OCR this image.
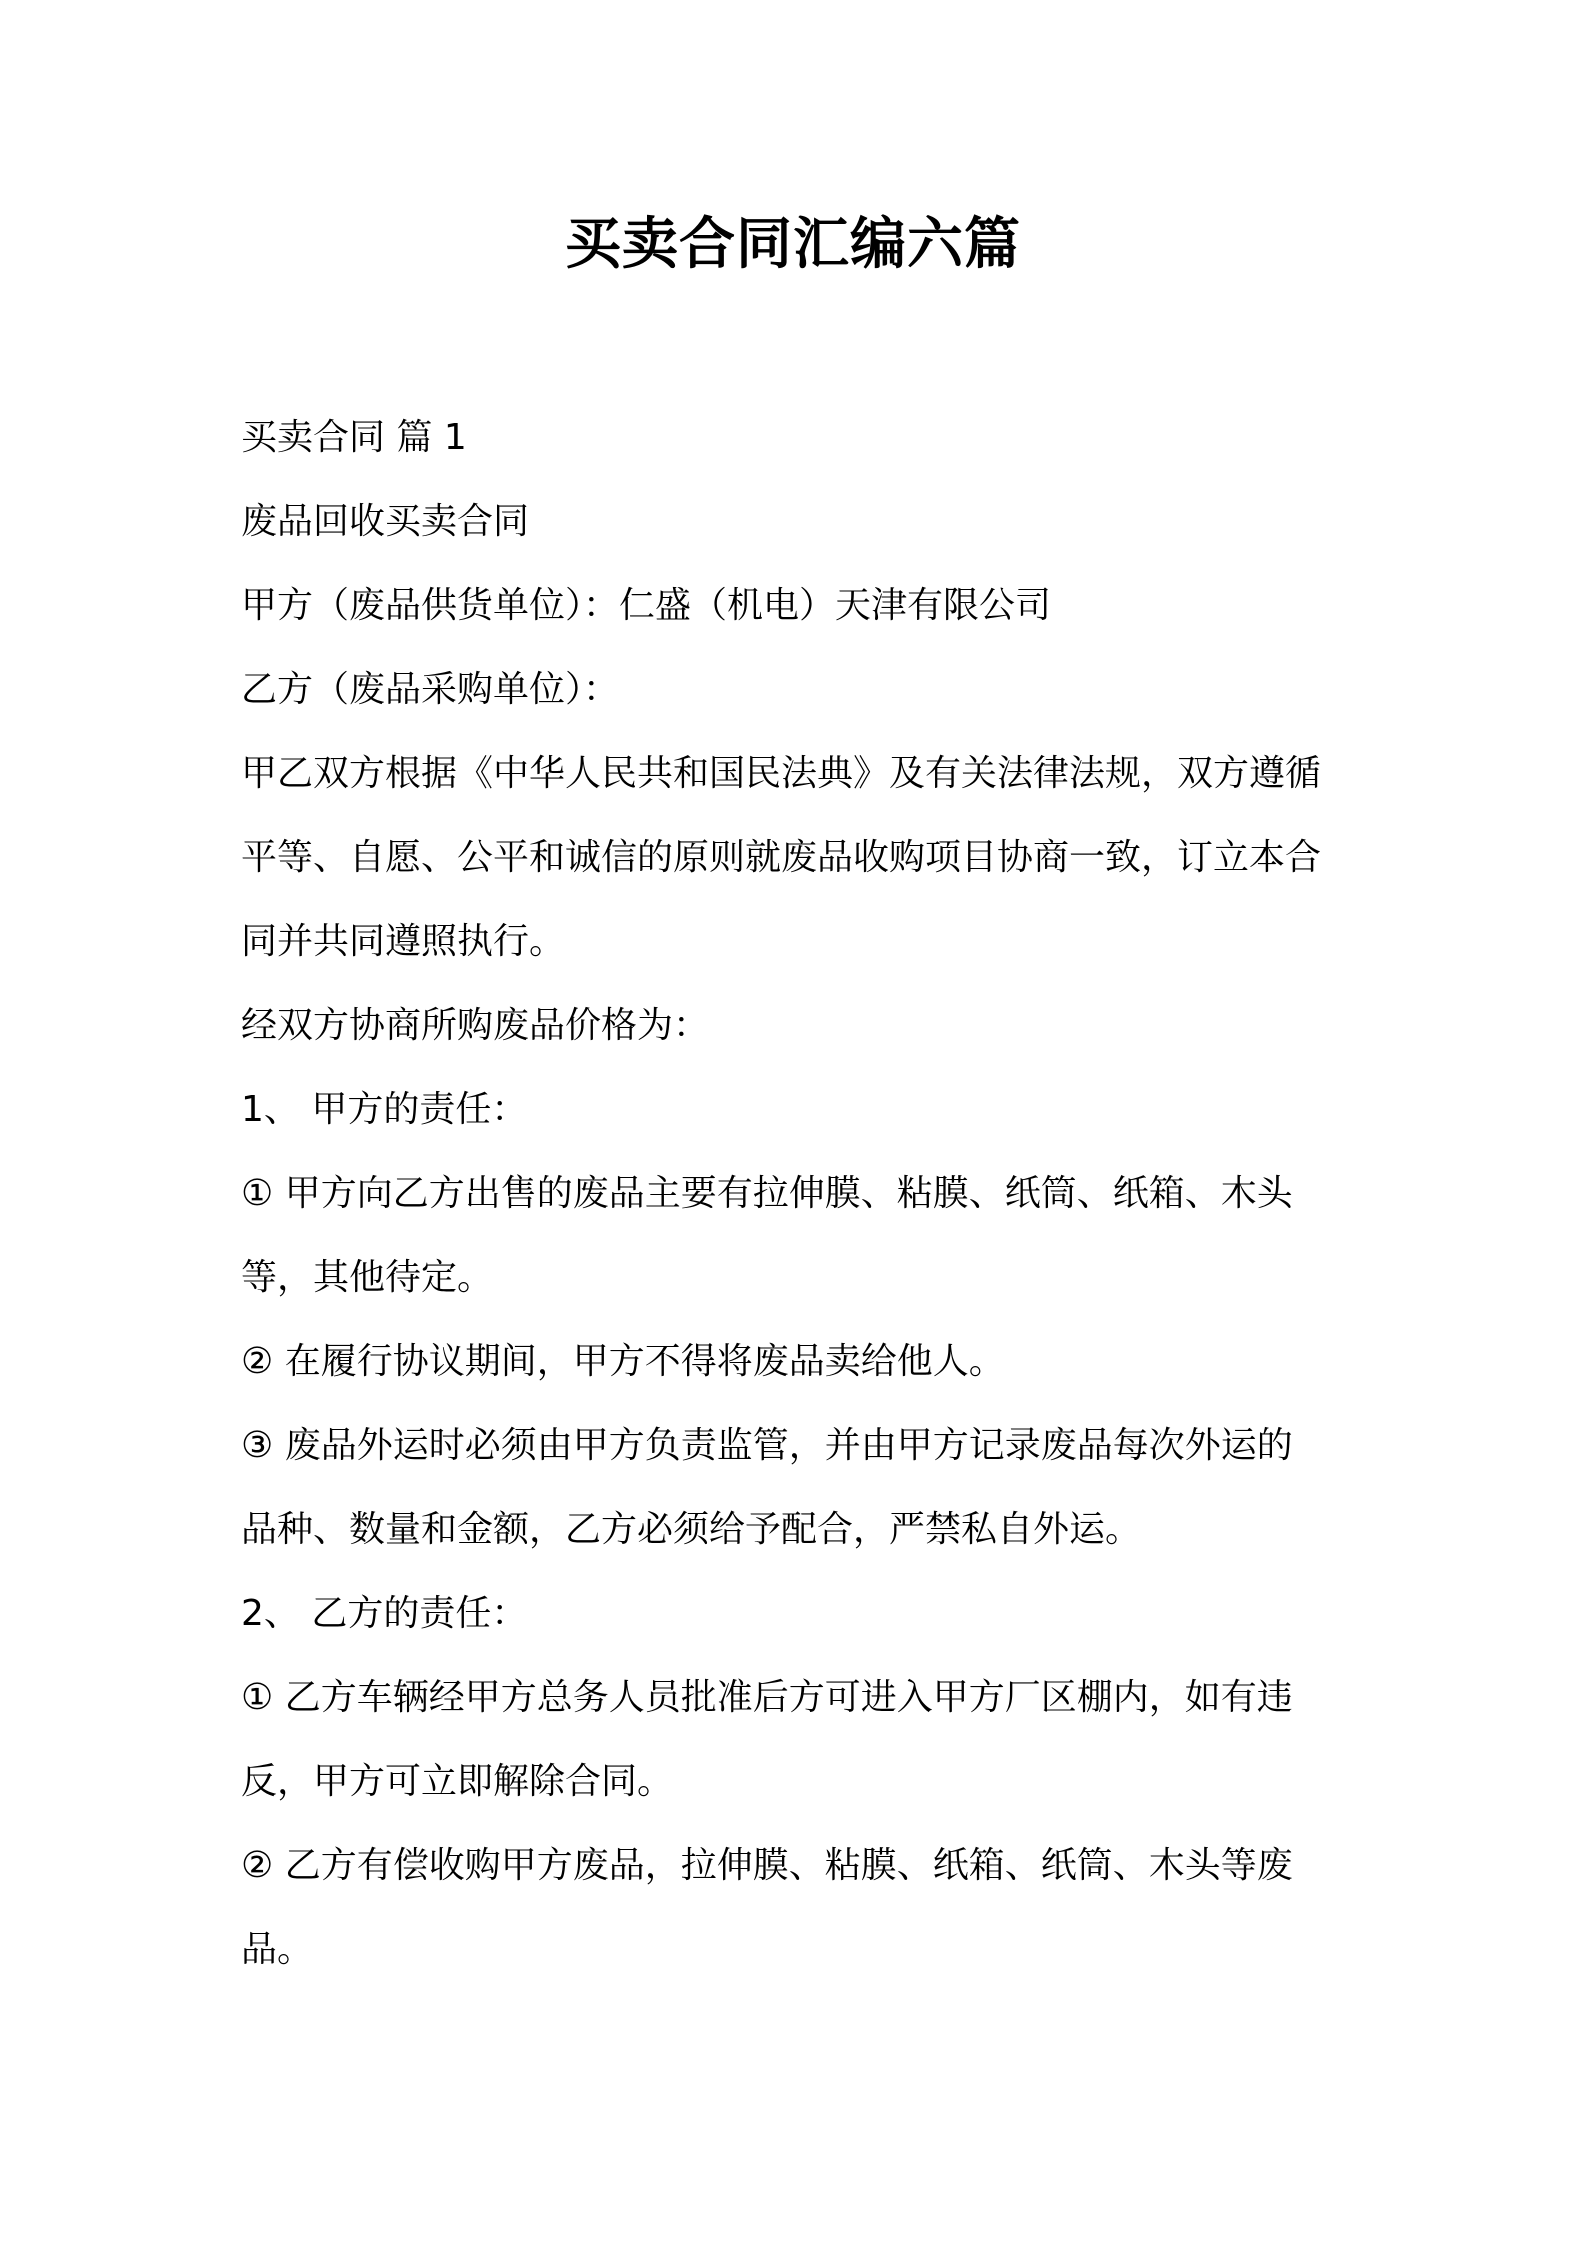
买卖合同汇编六篇
买卖合同 篇 1
废品回收买卖合同
甲方（废品供货单位）：仁盛（机电）天津有限公司
乙方（废品采购单位）：
甲乙双方根据《中华人民共和国民法典》及有关法律法规，双方遵循
平等、自愿、公平和诚信的原则就废品收购项目协商一致，订立本合
同并共同遵照执行。
经双方协商所购废品价格为：
1、 甲方的责任：
① 甲方向乙方出售的废品主要有拉伸膜、粘膜、纸筒、纸箱、木头
等，其他待定。
② 在履行协议期间，甲方不得将废品卖给他人。
③ 废品外运时必须由甲方负责监管，并由甲方记录废品每次外运的
品种、数量和金额，乙方必须给予配合，严禁私自外运。
2、 乙方的责任：
① 乙方车辆经甲方总务人员批准后方可进入甲方厂区棚内，如有违
反，甲方可立即解除合同。
② 乙方有偿收购甲方废品，拉伸膜、粘膜、纸箱、纸筒、木头等废
品。
